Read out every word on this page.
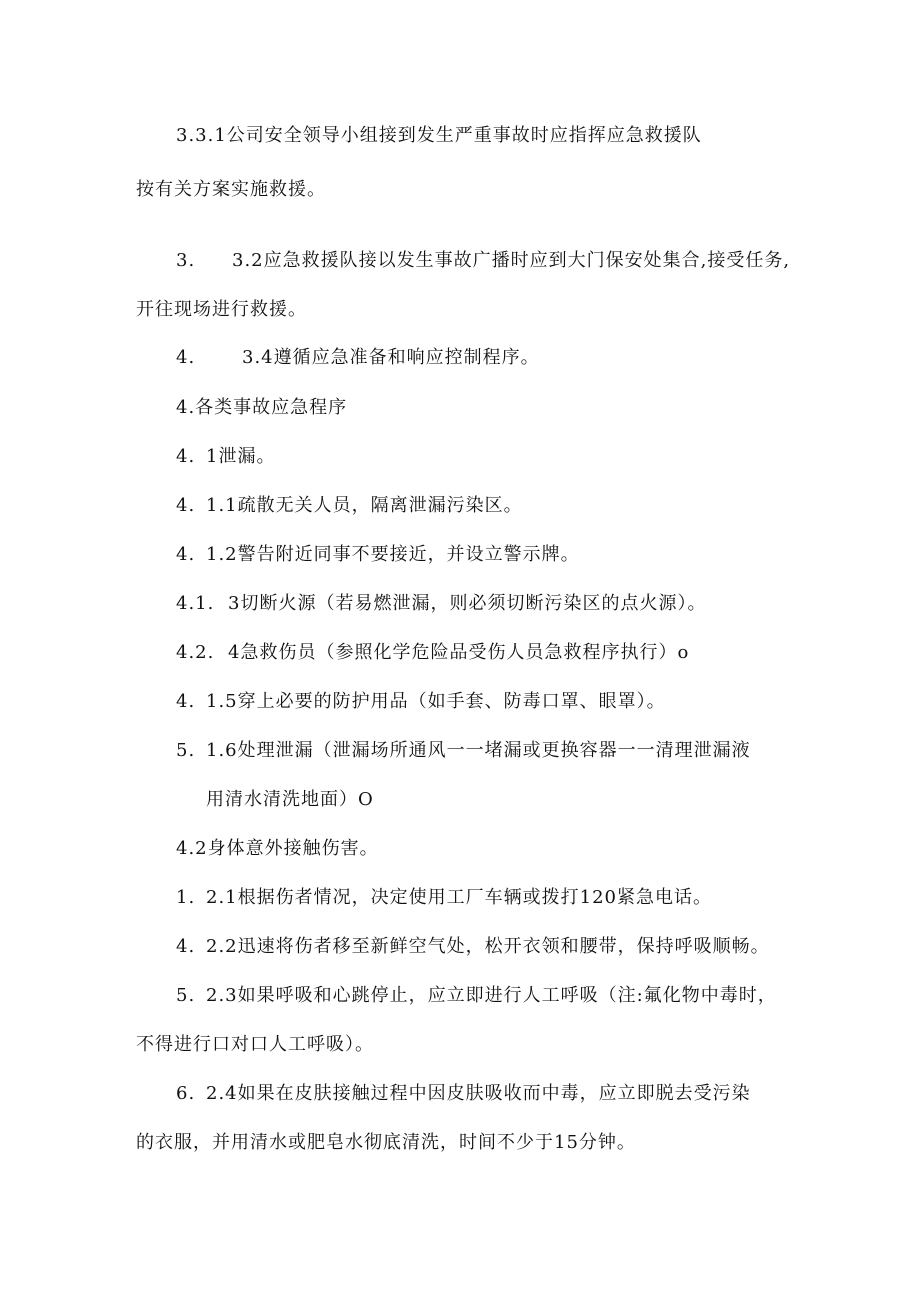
3.3.1公司安全领导小组接到发生严重事故时应指挥应急救援队
按有关方案实施救援。
3. 3.2应急救援队接以发生事故广播时应到大门保安处集合,接受任务,
开往现场进行救援。
4.	3.4遵循应急准备和响应控制程序。
4.各类事故应急程序
4. 1泄漏。
4. 1.1疏散无关人员，隔离泄漏污染区。
4. 1.2警告附近同事不要接近，并设立警示牌。
4.1. 3切断火源（若易燃泄漏，则必须切断污染区的点火源）。
4.2. 4急救伤员（参照化学危险品受伤人员急救程序执行）o
4. 1.5穿上必要的防护用品（如手套、防毒口罩、眼罩）。
5. 1.6处理泄漏（泄漏场所通风一一堵漏或更换容器一一清理泄漏液
用清水清洗地面）O
4.2身体意外接触伤害。
1. 2.1根据伤者情况，决定使用工厂车辆或拨打120紧急电话。
4. 2.2迅速将伤者移至新鲜空气处，松开衣领和腰带，保持呼吸顺畅。
5. 2.3如果呼吸和心跳停止，应立即进行人工呼吸（注:氟化物中毒时，
不得进行口对口人工呼吸）。
6. 2.4如果在皮肤接触过程中因皮肤吸收而中毒，应立即脱去受污染
的衣服，并用清水或肥皂水彻底清洗，时间不少于15分钟。
